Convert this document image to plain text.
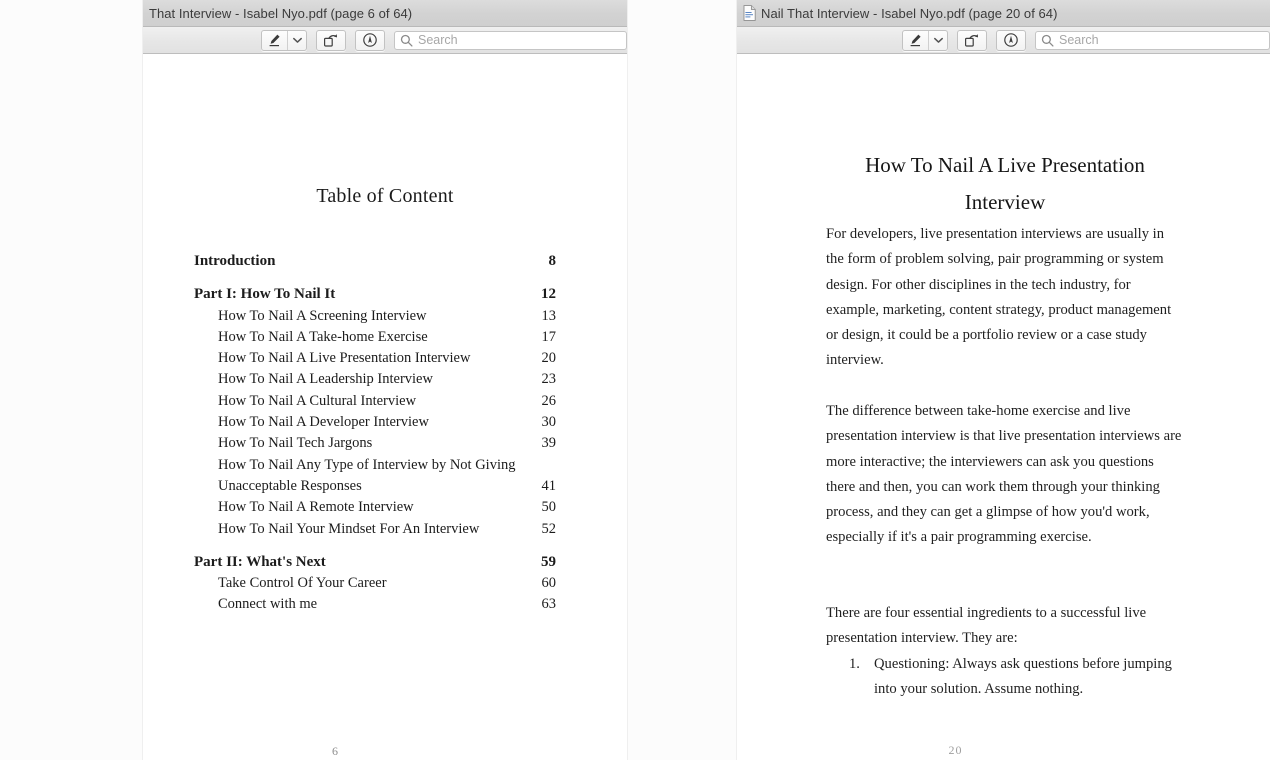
That Interview - Isabel Nyo.pdf (page 6 of 64)
Search
Table of Content
Introduction	8
Part I: How To Nail It	12
How To Nail A Screening Interview	13
How To Nail A Take-home Exercise	17
How To Nail A Live Presentation Interview	20
How To Nail A Leadership Interview	23
How To Nail A Cultural Interview	26
How To Nail A Developer Interview	30
How To Nail Tech Jargons	39
How To Nail Any Type of Interview by Not Giving
Unacceptable Responses	41
How To Nail A Remote Interview	50
How To Nail Your Mindset For An Interview	52
Part II: What's Next	59
Take Control Of Your Career	60
Connect with me	63
6
Nail That Interview - Isabel Nyo.pdf (page 20 of 64)
Search
How To Nail A Live Presentation Interview

For developers, live presentation interviews are usually in the form of problem solving, pair programming or system design. For other disciplines in the tech industry, for example, marketing, content strategy, product management or design, it could be a portfolio review or a case study interview.

The difference between take-home exercise and live presentation interview is that live presentation interviews are more interactive; the interviewers can ask you questions there and then, you can work them through your thinking process, and they can get a glimpse of how you'd work, especially if it's a pair programming exercise.

There are four essential ingredients to a successful live presentation interview. They are:

1. Questioning: Always ask questions before jumping into your solution. Assume nothing.
20
